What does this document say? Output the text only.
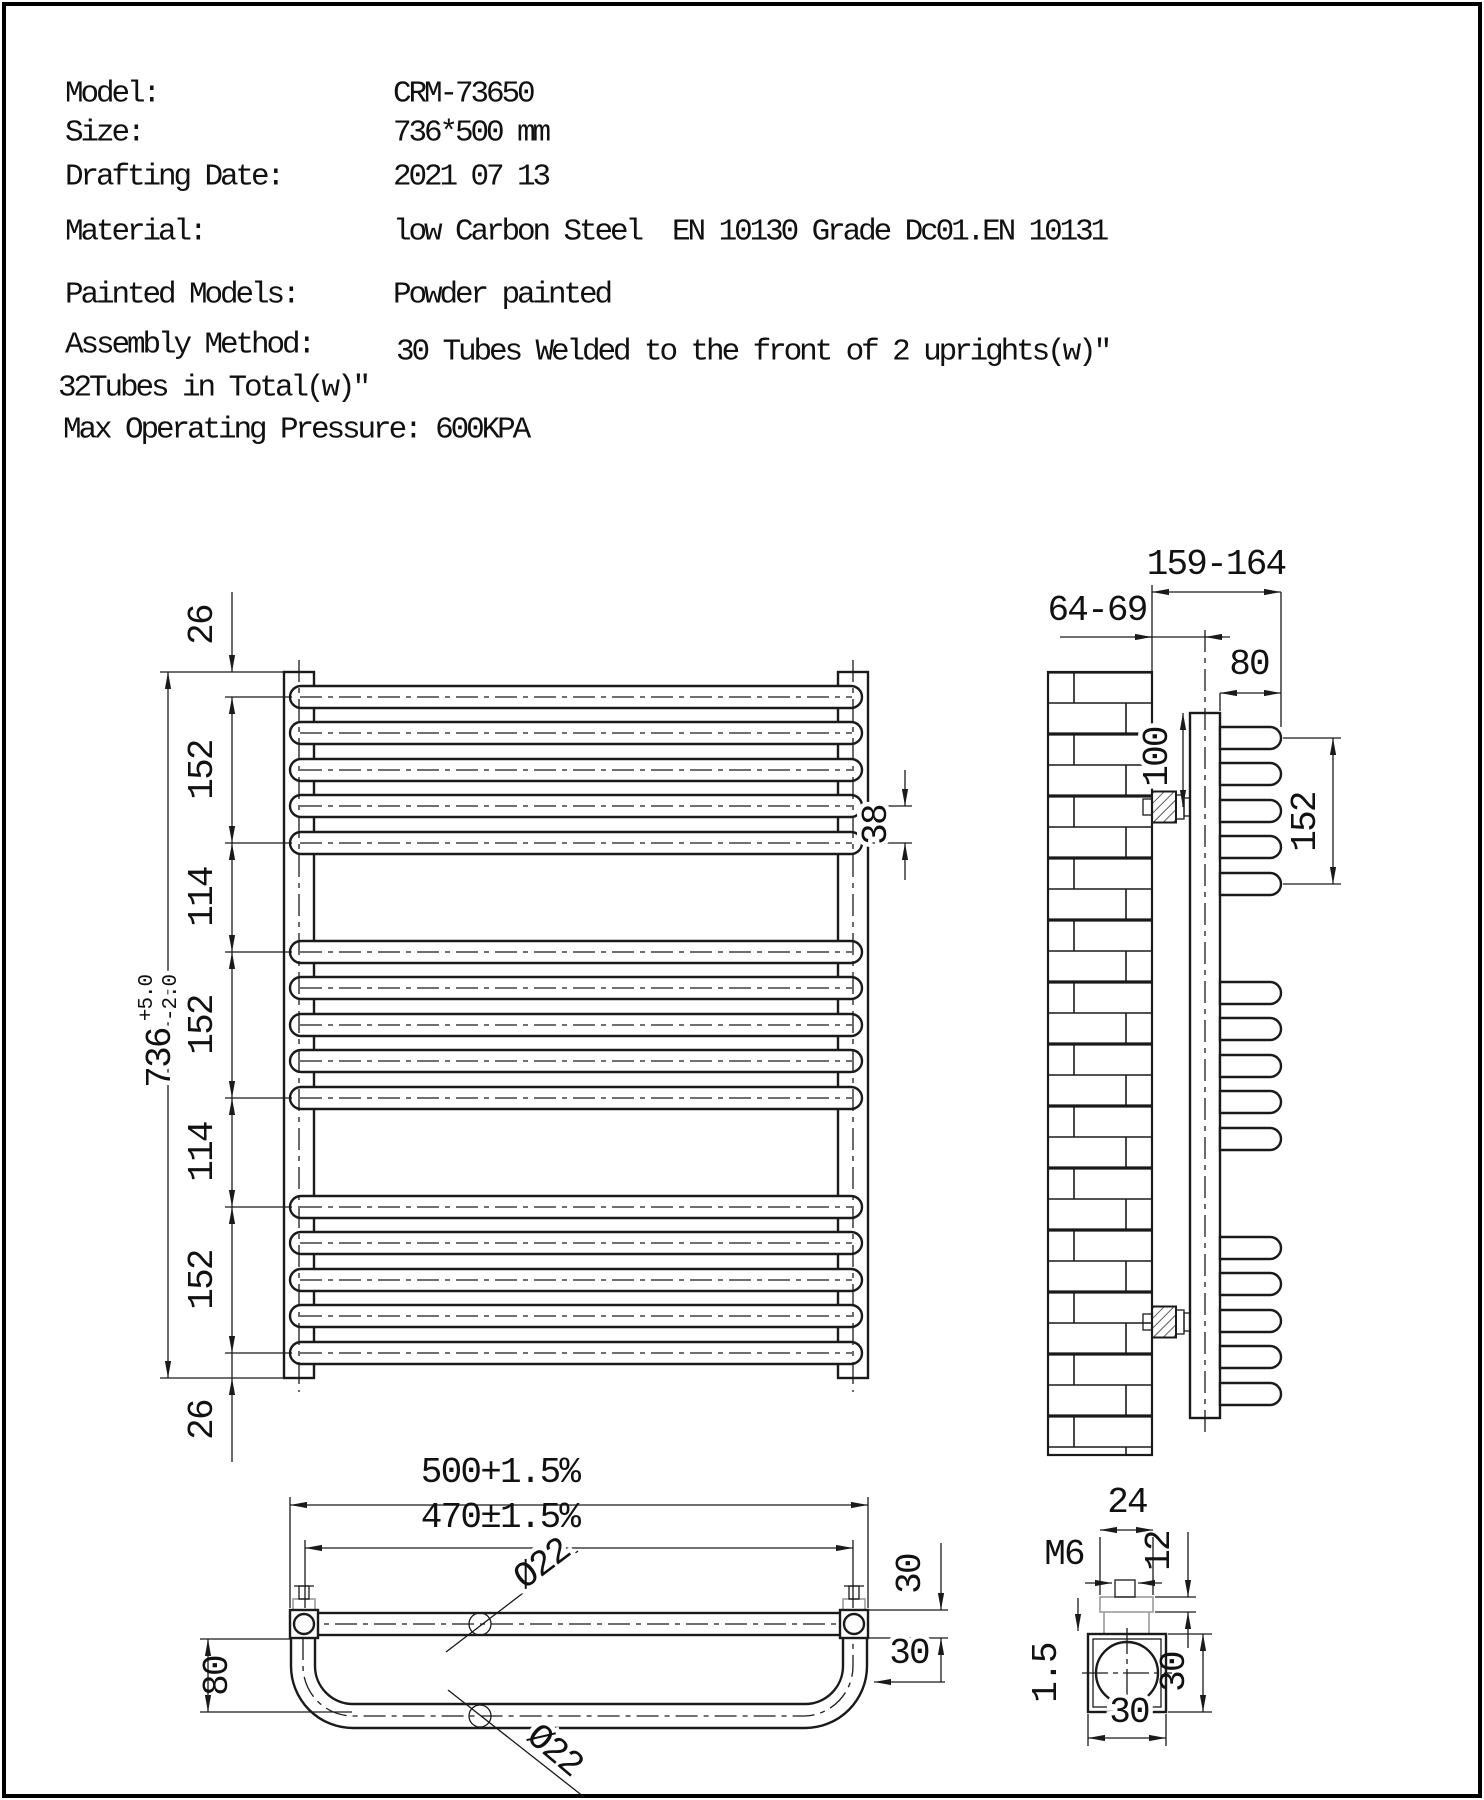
Model:	CRM-73650
Size:	736*500 mm
Drafting Date:	2021 07 13
Material:	low Carbon Steel  EN 10130 Grade Dc01.EN 10131
Painted Models:	Powder painted
Assembly Method:	30 Tubes Welded to the front of 2 uprights(w)″
32Tubes in Total(w)″
Max Operating Pressure: 600KPA
26
152
114
152
114
152
26
736
+5.0 -2.0
38
159-164
64-69
80
100
152
500+1.5%
470±1.5%
Ø22
Ø22
80
30
30
24
12
M6
1.5 30
30
